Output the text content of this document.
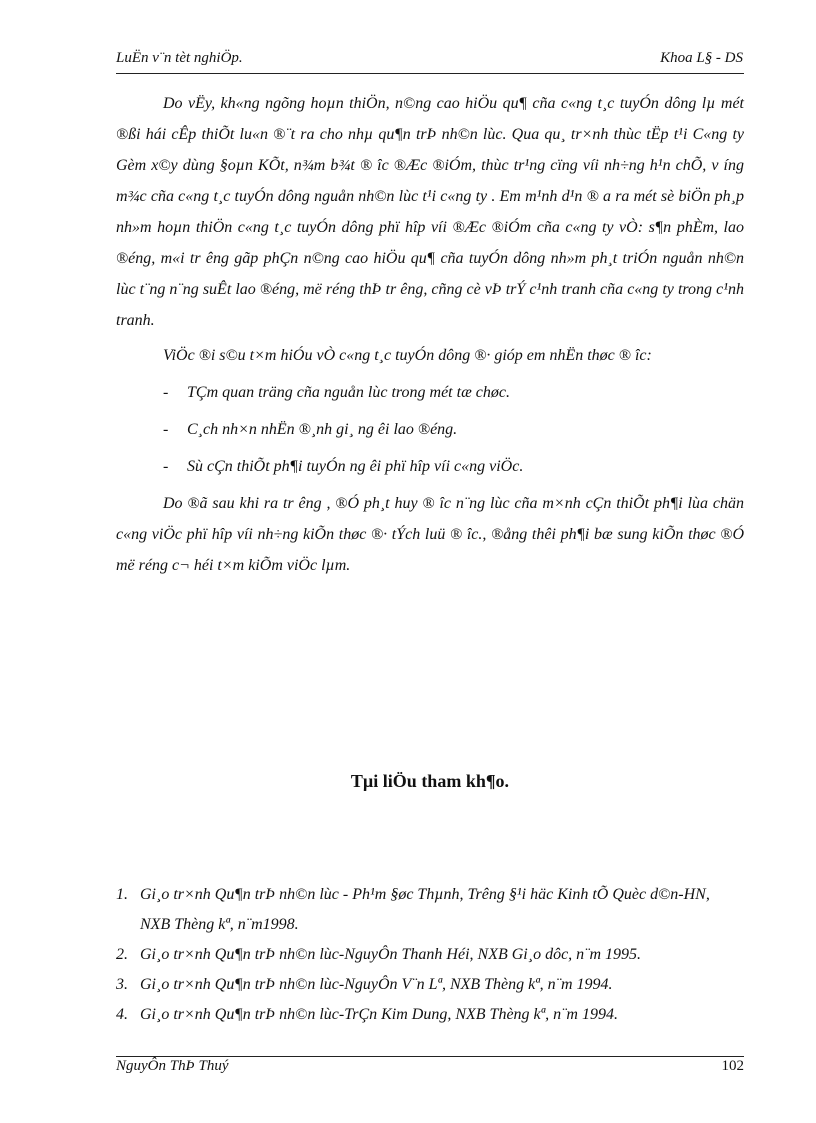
LuËn v¨n tèt nghiÖp.	Khoa L§ - DS

Do vËy, kh«ng ngõng hoµn thiÖn, n©ng cao hiÖu qu¶ cña c«ng t¸c tuyÓn dông lµ mét ®ßi hái cÊp thiÕt lu«n ®¨t ra cho nhµ qu¶n trÞ nh©n lùc. Qua qu¸ tr×nh thùc tËp t¹i C«ng ty Gèm x©y dùng §oµn KÕt, n¾m b¾t ® îc ®Æc ®iÓm, thùc tr¹ng cïng víi nh÷ng h¹n chÕ, v íng m¾c cña c«ng t¸c tuyÓn dông nguån nh©n lùc t¹i c«ng ty . Em m¹nh d¹n ® a ra mét sè biÖn ph¸p nh»m hoµn thiÖn c«ng t¸c tuyÓn dông phï hîp víi ®Æc ®iÓm cña c«ng ty vÒ: s¶n phÈm, lao ®éng, m«i tr êng gãp phÇn n©ng cao hiÖu qu¶ cña tuyÓn dông nh»m ph¸t triÓn nguån nh©n lùc t¨ng n¨ng suÊt lao ®éng, më réng thÞ tr êng, cñng cè vÞ trÝ c¹nh tranh cña c«ng ty trong c¹nh tranh.

ViÖc ®i s©u t×m hiÓu vÒ c«ng t¸c tuyÓn dông ®· gióp em nhËn thøc ® îc:

- TÇm quan träng cña nguån lùc trong mét tæ chøc.
- C¸ch nh×n nhËn ®¸nh gi¸ ng êi lao ®éng.
- Sù cÇn thiÕt ph¶i tuyÓn ng êi phï hîp víi c«ng viÖc.

Do ®ã sau khi ra tr êng , ®Ó ph¸t huy ® îc n¨ng lùc cña m×nh cÇn thiÕt ph¶i lùa chän c«ng viÖc phï hîp víi nh÷ng kiÕn thøc ®· tÝch luü ® îc., ®ång thêi ph¶i bæ sung kiÕn thøc ®Ó më réng c¬ héi t×m kiÕm viÖc lµm.

Tµi liÖu tham kh¶o.
1. Gi¸o tr×nh Qu¶n trÞ nh©n lùc - Ph¹m §øc Thµnh, Trêng §¹i häc Kinh tÕ Quèc d©n-HN, NXB Thèng kª, n¨m1998.
2. Gi¸o tr×nh Qu¶n trÞ nh©n lùc-NguyÔn Thanh Héi, NXB Gi¸o dôc, n¨m 1995.
3. Gi¸o tr×nh Qu¶n trÞ nh©n lùc-NguyÔn V¨n Lª, NXB Thèng kª, n¨m 1994.
4. Gi¸o tr×nh Qu¶n trÞ nh©n lùc-TrÇn Kim Dung, NXB Thèng kª, n¨m 1994.
NguyÔn ThÞ Thuý	102
